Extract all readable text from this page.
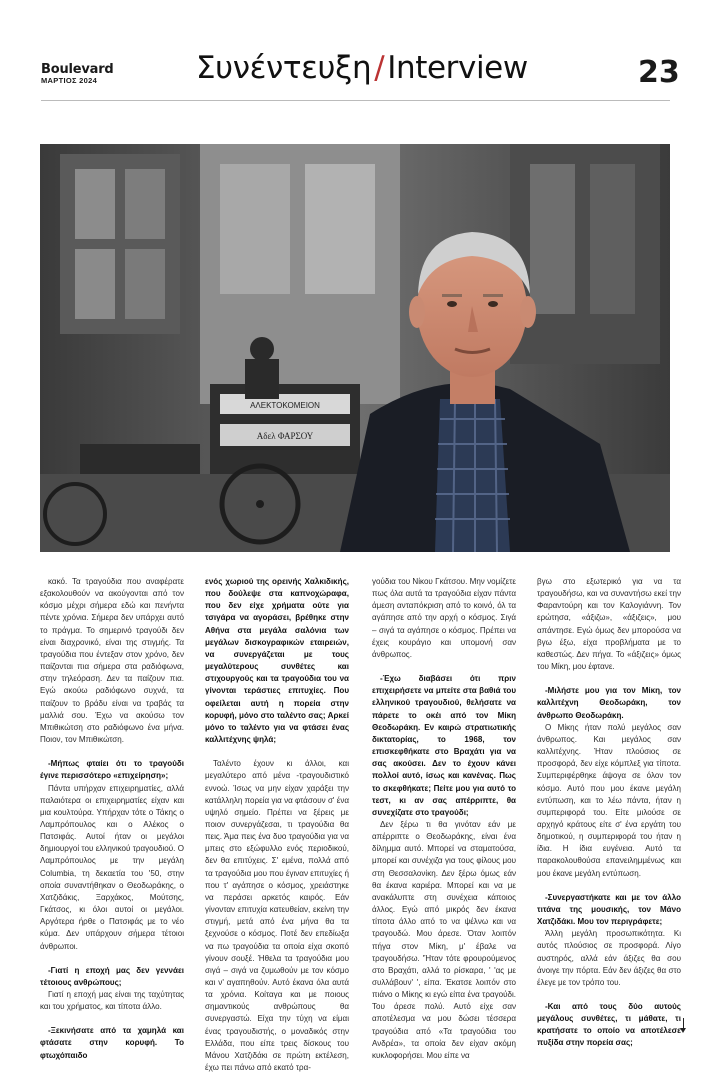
Boulevard
ΜΑΡΤΙΟΣ 2024	Συνέντευξη/Interview	23
ΑΛΕΚΤΟΚΟΜΕΙΟΝ
Αδελ ΦΑΡΣΟΥ

κακό. Τα τραγούδια που αναφέρατε εξακολουθούν να ακούγονται από τον κόσμο μέχρι σήμερα εδώ και πενήντα πέντε χρόνια. Σήμερα δεν υπάρχει αυτό το πράγμα. Το σημερινό τραγούδι δεν είναι διαχρονικό, είναι της στιγμής. Τα τραγούδια που έντεξαν στον χρόνο, δεν παίζονται πια σήμερα στα ραδιόφωνα, στην τηλεόραση. Δεν τα παίζουν πια. Εγώ ακούω ραδιόφωνο συχνά, τα παίζουν το βράδυ είναι να τραβάς τα μαλλιά σου. Έχω να ακούσω τον Μπιθικώτση στο ραδιόφωνο ένα μήνα. Ποιον, τον Μπιθικώτση.

-Μήπως φταίει ότι το τραγούδι έγινε περισσότερο «επιχείρηση»;

Πάντα υπήρχαν επιχειρηματίες, αλλά παλαιότερα οι επιχειρηματίες είχαν και μια κουλτούρα. Υπήρχαν τότε ο Τάκης ο Λαμπρόπουλος και ο Αλέκος ο Πατσιφάς. Αυτοί ήταν οι μεγάλοι δημιουργοί του ελληνικού τραγουδιού. Ο Λαμπρόπουλος με την μεγάλη Columbia, τη δεκαετία του '50, στην οποία συναντήθηκαν ο Θεοδωράκης, ο Χατζιδάκις, Ξαρχάκος, Μούτσης, Γκάτσος, κι όλοι αυτοί οι μεγάλοι. Αργότερα ήρθε ο Πατσιφάς με το νέο κύμα. Δεν υπάρχουν σήμερα τέτοιοι άνθρωποι.

-Γιατί η εποχή μας δεν γεννάει τέτοιους ανθρώπους;

Γιατί η εποχή μας είναι της ταχύτητας και του χρήματος, και τίποτα άλλο.

-Ξεκινήσατε από τα χαμηλά και φτάσατε στην κορυφή. Το φτωχόπαιδο

ενός χωριού της ορεινής Χαλκιδικής, που δούλεψε στα καπνοχώραφα, που δεν είχε χρήματα ούτε για τσιγάρα να αγοράσει, βρέθηκε στην Αθήνα στα μεγάλα σαλόνια των μεγάλων δισκογραφικών εταιρειών, να συνεργάζεται με τους μεγαλύτερους συνθέτες και στιχουργούς και τα τραγούδια του να γίνονται τεράστιες επιτυχίες. Που οφείλεται αυτή η πορεία στην κορυφή, μόνο στο ταλέντο σας; Αρκεί μόνο το ταλέντο για να φτάσει ένας καλλιτέχνης ψηλά;

Ταλέντο έχουν κι άλλοι, και μεγαλύτερο από μένα -τραγουδιστικό εννοώ. Ίσως να μην είχαν χαράξει την κατάλληλη πορεία για να φτάσουν σ' ένα υψηλό σημείο. Πρέπει να ξέρεις με ποιον συνεργάζεσαι, τι τραγούδια θα πεις. Άμα πεις ένα δυο τραγούδια για να μπεις στο εξώφυλλο ενός περιοδικού, δεν θα επιτύχεις. Σ' εμένα, πολλά από τα τραγούδια μου που έγιναν επιτυχίες ή που τ' αγάπησε ο κόσμος, χρειάστηκε να περάσει αρκετός καιρός. Εάν γίνονταν επιτυχία κατευθείαν, εκείνη την στιγμή, μετά από ένα μήνα θα τα ξεχνούσε ο κόσμος. Ποτέ δεν επεδίωξα να πω τραγούδια τα οποία είχα σκοπό γίνουν σουξέ. Ήθελα τα τραγούδια μου σιγά – σιγά να ζυμωθούν με τον κόσμο και ν' αγαπηθούν. Αυτό έκανα όλα αυτά τα χρόνια. Κοίταγα και με ποιους σημαντικούς ανθρώπους θα συνεργαστώ. Είχα την τύχη να είμαι ένας τραγουδιστής, ο μοναδικός στην Ελλάδα, που είπε τρεις δίσκους του Μάνου Χατζιδάκι σε πρώτη εκτέλεση, έχω πει πάνω από εκατό τρα-

γούδια του Νίκου Γκάτσου. Μην νομίζετε πως όλα αυτά τα τραγούδια είχαν πάντα άμεση ανταπόκριση από το κοινό, όλ τα αγάπησε από την αρχή ο κόσμος. Σιγά – σιγά τα αγάπησε ο κόσμος. Πρέπει να έχεις κουράγιο και υπομονή σαν άνθρωπος.

-Έχω διαβάσει ότι πριν επιχειρήσετε να μπείτε στα βαθιά του ελληνικού τραγουδιού, θελήσατε να πάρετε το οκέι από τον Μίκη Θεοδωράκη. Εν καιρώ στρατιωτικής δικτατορίας, το 1968, τον επισκεφθήκατε στο Βραχάτι για να σας ακούσει. Δεν το έχουν κάνει πολλοί αυτό, ίσως και κανένας. Πως το σκεφθήκατε; Πείτε μου για αυτό το τεστ, κι αν σας απέρριπτε, θα συνεχίζατε στο τραγούδι;

Δεν ξέρω τι θα γινόταν εάν με απέρριπτε ο Θεοδωράκης, είναι ένα δίλημμα αυτό. Μπορεί να σταματούσα, μπορεί και συνέχιζα για τους φίλους μου στη Θεσσαλονίκη. Δεν ξέρω όμως εάν θα έκανα καριέρα. Μπορεί και να με ανακάλυπτε στη συνέχεια κάποιος άλλος. Εγώ από μικρός δεν έκανα τίποτα άλλο από το να ψέλνω και να τραγουδώ. Μου άρεσε. Όταν λοιπόν πήγα στον Μίκη, μ' έβαλε να τραγουδήσω. 'Ήταν τότε φρουρούμενος στο Βραχάτι, αλλά το ρίσκαρα, ' 'ας με συλλάβουν' ', είπα. Έκατσε λοιπόν στο πιάνο ο Μίκης κι εγώ είπα ένα τραγούδι. Του άρεσε πολύ. Αυτό είχε σαν αποτέλεσμα να μου δώσει τέσσερα τραγούδια από «Τα τραγούδια του Ανδρέα», τα οποία δεν είχαν ακόμη κυκλοφορήσει. Μου είπε να

βγω στο εξωτερικό για να τα τραγουδήσω, και να συναντήσω εκεί την Φαραντούρη και τον Καλογιάννη. Τον ερώτησα, «άξιζω», «άξιζεις», μου απάντησε. Εγώ όμως δεν μπορούσα να βγω έξω, είχα προβλήματα με το καθεστώς. Δεν πήγα. Το «άξιζεις» όμως του Μίκη, μου έφτανε.

-Μιλήστε μου για τον Μίκη, τον καλλιτέχνη Θεοδωράκη, τον άνθρωπο Θεοδωράκη.

Ο Μίκης ήταν πολύ μεγάλος σαν άνθρωπος. Και μεγάλος σαν καλλιτέχνης. Ήταν πλούσιος σε προσφορά, δεν είχε κόμπλεξ για τίποτα. Συμπεριφέρθηκε άψογα σε όλον τον κόσμο. Αυτό που μου έκανε μεγάλη εντύπωση, και το λέω πάντα, ήταν η συμπεριφορά του. Είτε μιλούσε σε αρχηγό κράτους είτε σ' ένα εργάτη του δημοτικού, η συμπεριφορά του ήταν η ίδια. Η ίδια ευγένεια. Αυτό τα παρακολουθούσα επανειλημμένως και μου έκανε μεγάλη εντύπωση.

-Συνεργαστήκατε και με τον άλλο τιτάνα της μουσικής, τον Μάνο Χατζιδάκι. Μου τον περιγράφετε;

Άλλη μεγάλη προσωπικότητα. Κι αυτός πλούσιος σε προσφορά. Λίγο αυστηρός, αλλά εάν άξιζες θα σου άνοιγε την πόρτα. Εάν δεν άξιζες θα στο έλεγε με τον τρόπο του.

-Και από τους δύο αυτούς μεγάλους συνθέτες, τι μάθατε, τι κρατήσατε το οποίο να αποτέλεσε πυξίδα στην πορεία σας;
